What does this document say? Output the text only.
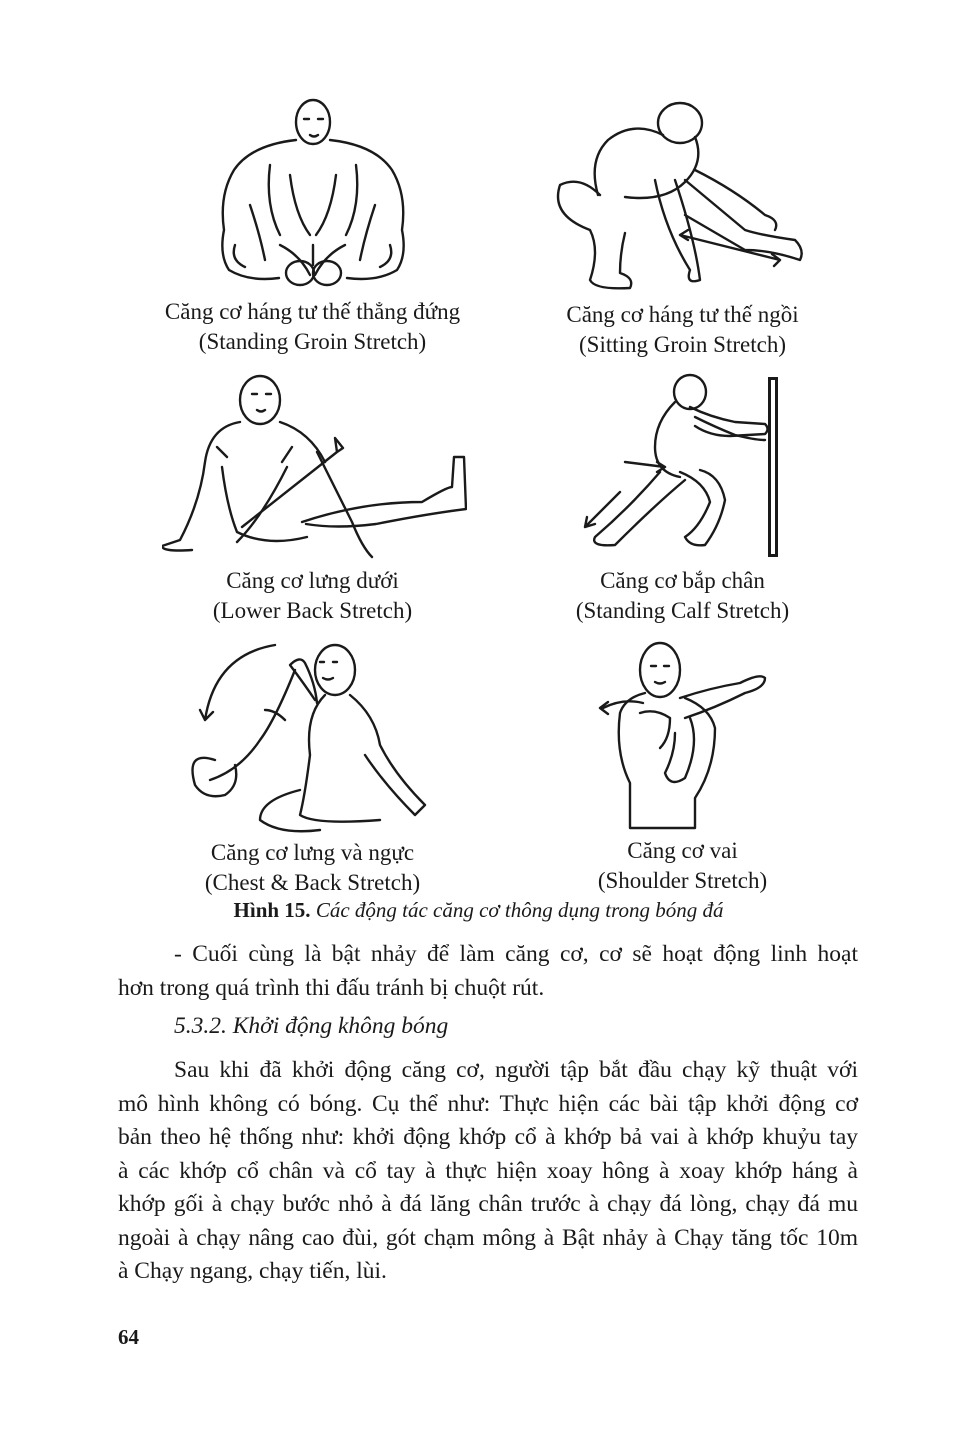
Căng cơ háng tư thế thẳng đứng
(Standing Groin Stretch)
Căng cơ háng tư thế ngồi
(Sitting Groin Stretch)
Căng cơ lưng dưới
(Lower Back Stretch)
Căng cơ bắp chân
(Standing Calf Stretch)
Căng cơ lưng và ngực
(Chest & Back Stretch)
Căng cơ vai
(Shoulder Stretch)
Hình 15. Các động tác căng cơ thông dụng trong bóng đá
- Cuối cùng là bật nhảy để làm căng cơ, cơ sẽ hoạt động linh hoạt
hơn trong quá trình thi đấu tránh bị chuột rút.
5.3.2. Khởi động không bóng
Sau khi đã khởi động căng cơ, người tập bắt đầu chạy kỹ thuật với
mô hình không có bóng. Cụ thể như: Thực hiện các bài tập khởi động cơ
bản theo hệ thống như: khởi động khớp cổ à khớp bả vai à khớp khuỷu tay
à các khớp cổ chân và cổ tay à thực hiện xoay hông à xoay khớp háng à
khớp gối à chạy bước nhỏ à đá lăng chân trước à chạy đá lòng, chạy đá mu
ngoài à chạy nâng cao đùi, gót chạm mông à Bật nhảy à Chạy tăng tốc 10m
à Chạy ngang, chạy tiến, lùi.
64
